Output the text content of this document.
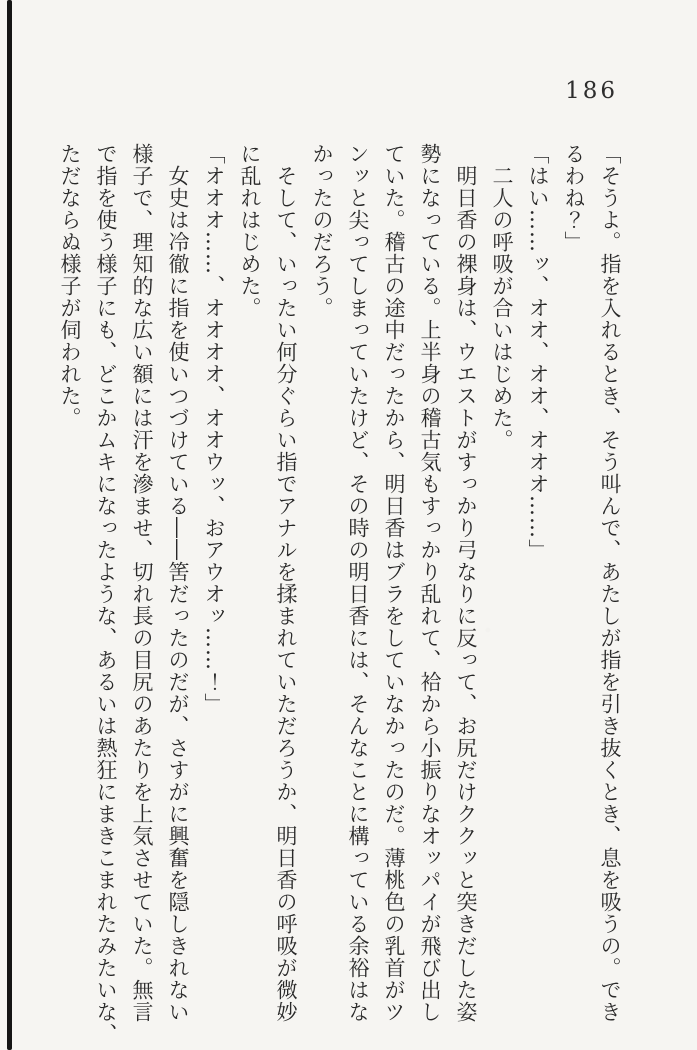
186

「そうよ。指を入れるとき、そう叫んで、あたしが指を引き抜くとき、息を吸うの。でき

るわね？」

「はい……ッ、オオ、オオ、オオオ……」

二人の呼吸が合いはじめた。

明日香の裸身は、ウエストがすっかり弓なりに反って、お尻だけククッと突きだした姿

勢になっている。上半身の稽古気もすっかり乱れて、袷から小振りなオッパイが飛び出し

ていた。稽古の途中だったから、明日香はブラをしていなかったのだ。薄桃色の乳首がツ

ンッと尖ってしまっていたけど、その時の明日香には、そんなことに構っている余裕はな

かったのだろう。

そして、いったい何分ぐらい指でアナルを揉まれていただろうか、明日香の呼吸が微妙

に乱れはじめた。

「オオオ……、オオオオ、オオウッ、おアウオッ……！」

女史は冷徹に指を使いつづけている――筈だったのだが、さすがに興奮を隠しきれない

様子で、理知的な広い額には汗を滲ませ、切れ長の目尻のあたりを上気させていた。無言

で指を使う様子にも、どこかムキになったような、あるいは熱狂にまきこまれたみたいな、

ただならぬ様子が伺われた。
